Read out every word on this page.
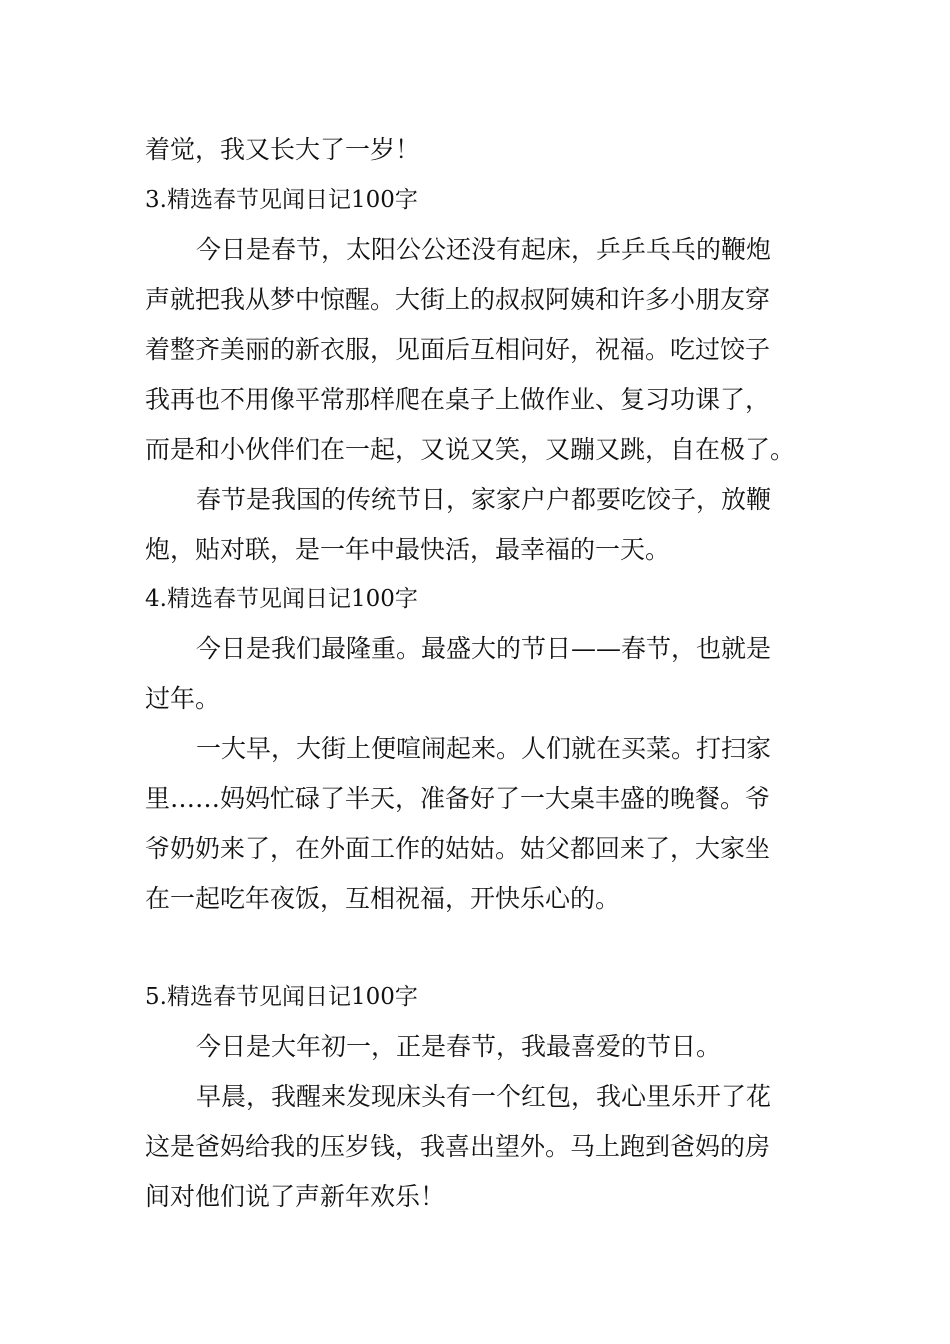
着觉，我又长大了一岁！
3.精选春节见闻日记100字
今日是春节，太阳公公还没有起床，乒乒乓乓的鞭炮
声就把我从梦中惊醒。大街上的叔叔阿姨和许多小朋友穿
着整齐美丽的新衣服，见面后互相问好，祝福。吃过饺子
我再也不用像平常那样爬在桌子上做作业、复习功课了，
而是和小伙伴们在一起，又说又笑，又蹦又跳，自在极了。
春节是我国的传统节日，家家户户都要吃饺子，放鞭
炮，贴对联，是一年中最快活，最幸福的一天。
4.精选春节见闻日记100字
今日是我们最隆重。最盛大的节日——春节，也就是
过年。
一大早，大街上便喧闹起来。人们就在买菜。打扫家
里……妈妈忙碌了半天，准备好了一大桌丰盛的晚餐。爷
爷奶奶来了，在外面工作的姑姑。姑父都回来了，大家坐
在一起吃年夜饭，互相祝福，开快乐心的。
5.精选春节见闻日记100字
今日是大年初一，正是春节，我最喜爱的节日。
早晨，我醒来发现床头有一个红包，我心里乐开了花
这是爸妈给我的压岁钱，我喜出望外。马上跑到爸妈的房
间对他们说了声新年欢乐！
